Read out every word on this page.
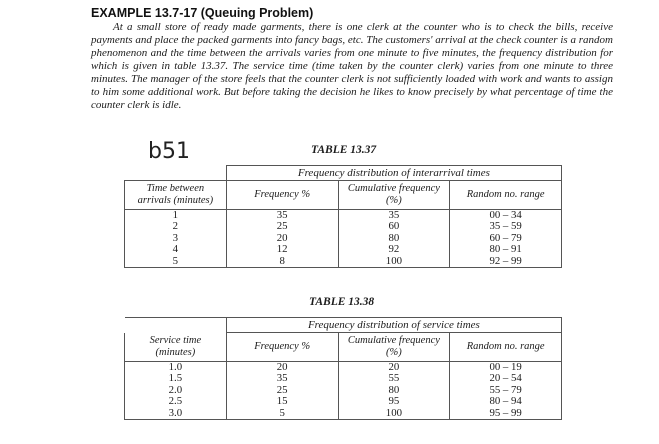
EXAMPLE 13.7-17 (Queuing Problem)
At a small store of ready made garments, there is one clerk at the counter who is to check the bills, receive payments and place the packed garments into fancy bags, etc. The customers' arrival at the check counter is a random phenomenon and the time between the arrivals varies from one minute to five minutes, the frequency distribution for which is given in table 13.37. The service time (time taken by the counter clerk) varies from one minute to three minutes. The manager of the store feels that the counter clerk is not sufficiently loaded with work and wants to assign to him some additional work. But before taking the decision he likes to know precisely by what percentage of time the counter clerk is idle.
b51	TABLE 13.37
	Frequency distribution of interarrival times		
Time between arrivals (minutes)	Frequency %	Cumulative frequency (%)	Random no. range
1	35	35	00 – 34
2	25	60	35 – 59
3	20	80	60 – 79
4	12	92	80 – 91
5	8	100	92 – 99
TABLE 13.38
	Frequency distribution of service times		
Service time (minutes)	Frequency %	Cumulative frequency (%)	Random no. range
1.0	20	20	00 – 19
1.5	35	55	20 – 54
2.0	25	80	55 – 79
2.5	15	95	80 – 94
3.0	5	100	95 – 99
